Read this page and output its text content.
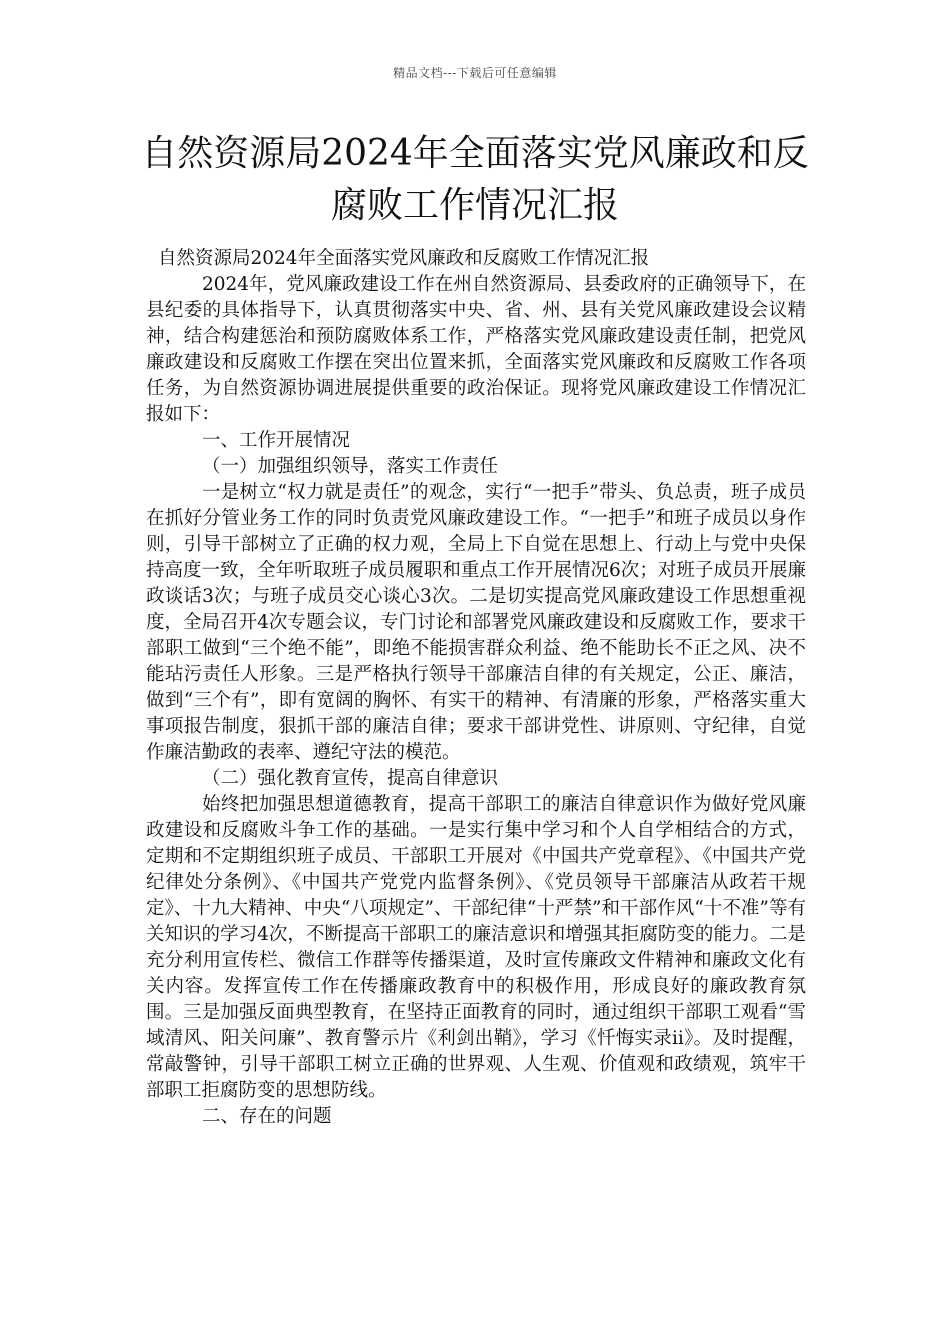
精品文档---下载后可任意编辑
自然资源局2024年全面落实党风廉政和反腐败工作情况汇报

自然资源局2024年全面落实党风廉政和反腐败工作情况汇报

2024年，党风廉政建设工作在州自然资源局、县委政府的正确领导下，在县纪委的具体指导下，认真贯彻落实中央、省、州、县有关党风廉政建设会议精神，结合构建惩治和预防腐败体系工作，严格落实党风廉政建设责任制，把党风廉政建设和反腐败工作摆在突出位置来抓，全面落实党风廉政和反腐败工作各项任务，为自然资源协调进展提供重要的政治保证。现将党风廉政建设工作情况汇报如下：

一、工作开展情况

（一）加强组织领导，落实工作责任

一是树立“权力就是责任”的观念，实行“一把手”带头、负总责，班子成员在抓好分管业务工作的同时负责党风廉政建设工作。“一把手”和班子成员以身作则，引导干部树立了正确的权力观，全局上下自觉在思想上、行动上与党中央保持高度一致，全年听取班子成员履职和重点工作开展情况6次；对班子成员开展廉政谈话3次；与班子成员交心谈心3次。二是切实提高党风廉政建设工作思想重视度，全局召开4次专题会议，专门讨论和部署党风廉政建设和反腐败工作，要求干部职工做到“三个绝不能”，即绝不能损害群众利益、绝不能助长不正之风、决不能玷污责任人形象。三是严格执行领导干部廉洁自律的有关规定，公正、廉洁，做到“三个有”，即有宽阔的胸怀、有实干的精神、有清廉的形象，严格落实重大事项报告制度，狠抓干部的廉洁自律；要求干部讲党性、讲原则、守纪律，自觉作廉洁勤政的表率、遵纪守法的模范。

（二）强化教育宣传，提高自律意识

始终把加强思想道德教育，提高干部职工的廉洁自律意识作为做好党风廉政建设和反腐败斗争工作的基础。一是实行集中学习和个人自学相结合的方式，定期和不定期组织班子成员、干部职工开展对《中国共产党章程》、《中国共产党纪律处分条例》、《中国共产党党内监督条例》、《党员领导干部廉洁从政若干规定》、十九大精神、中央“八项规定”、干部纪律“十严禁”和干部作风“十不准”等有关知识的学习4次，不断提高干部职工的廉洁意识和增强其拒腐防变的能力。二是充分利用宣传栏、微信工作群等传播渠道，及时宣传廉政文件精神和廉政文化有关内容。发挥宣传工作在传播廉政教育中的积极作用，形成良好的廉政教育氛围。三是加强反面典型教育，在坚持正面教育的同时，通过组织干部职工观看“雪域清风、阳关问廉”、教育警示片《利剑出鞘》，学习《忏悔实录ⅱ》。及时提醒，常敲警钟，引导干部职工树立正确的世界观、人生观、价值观和政绩观，筑牢干部职工拒腐防变的思想防线。

二、存在的问题
